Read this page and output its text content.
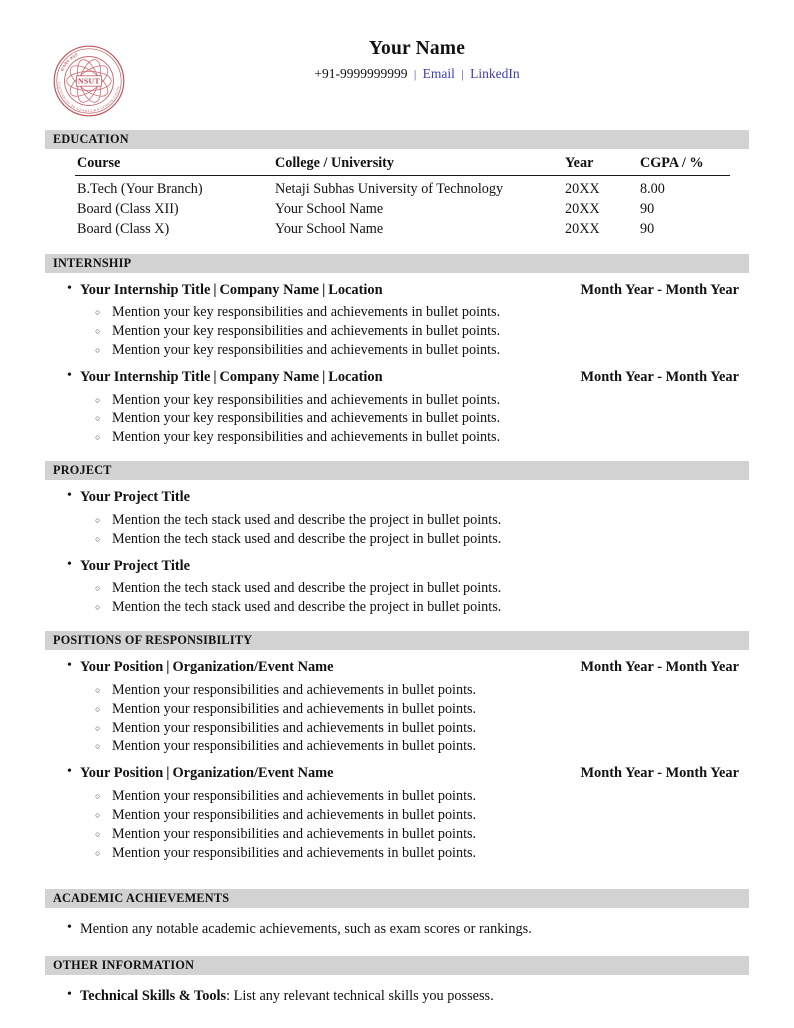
NSUT
सत्यमेव जयते
NETAJI SUBHAS UNIVERSITY OF TECHNOLOGY
Your Name
+91-9999999999 | Email | LinkedIn
EDUCATION
Course	College / University	Year	CGPA / %
B.Tech (Your Branch)	Netaji Subhas University of Technology	20XX	8.00
Board (Class XII)	Your School Name	20XX	90
Board (Class X)	Your School Name	20XX	90
INTERNSHIP
• Your Internship Title | Company Name | Location	Month Year - Month Year
○ Mention your key responsibilities and achievements in bullet points.
○ Mention your key responsibilities and achievements in bullet points.
○ Mention your key responsibilities and achievements in bullet points.
• Your Internship Title | Company Name | Location	Month Year - Month Year
○ Mention your key responsibilities and achievements in bullet points.
○ Mention your key responsibilities and achievements in bullet points.
○ Mention your key responsibilities and achievements in bullet points.
PROJECT
• Your Project Title
○ Mention the tech stack used and describe the project in bullet points.
○ Mention the tech stack used and describe the project in bullet points.
• Your Project Title
○ Mention the tech stack used and describe the project in bullet points.
○ Mention the tech stack used and describe the project in bullet points.
POSITIONS OF RESPONSIBILITY
• Your Position | Organization/Event Name	Month Year - Month Year
○ Mention your responsibilities and achievements in bullet points.
○ Mention your responsibilities and achievements in bullet points.
○ Mention your responsibilities and achievements in bullet points.
○ Mention your responsibilities and achievements in bullet points.
• Your Position | Organization/Event Name	Month Year - Month Year
○ Mention your responsibilities and achievements in bullet points.
○ Mention your responsibilities and achievements in bullet points.
○ Mention your responsibilities and achievements in bullet points.
○ Mention your responsibilities and achievements in bullet points.
ACADEMIC ACHIEVEMENTS
• Mention any notable academic achievements, such as exam scores or rankings.
OTHER INFORMATION
• Technical Skills & Tools: List any relevant technical skills you possess.
